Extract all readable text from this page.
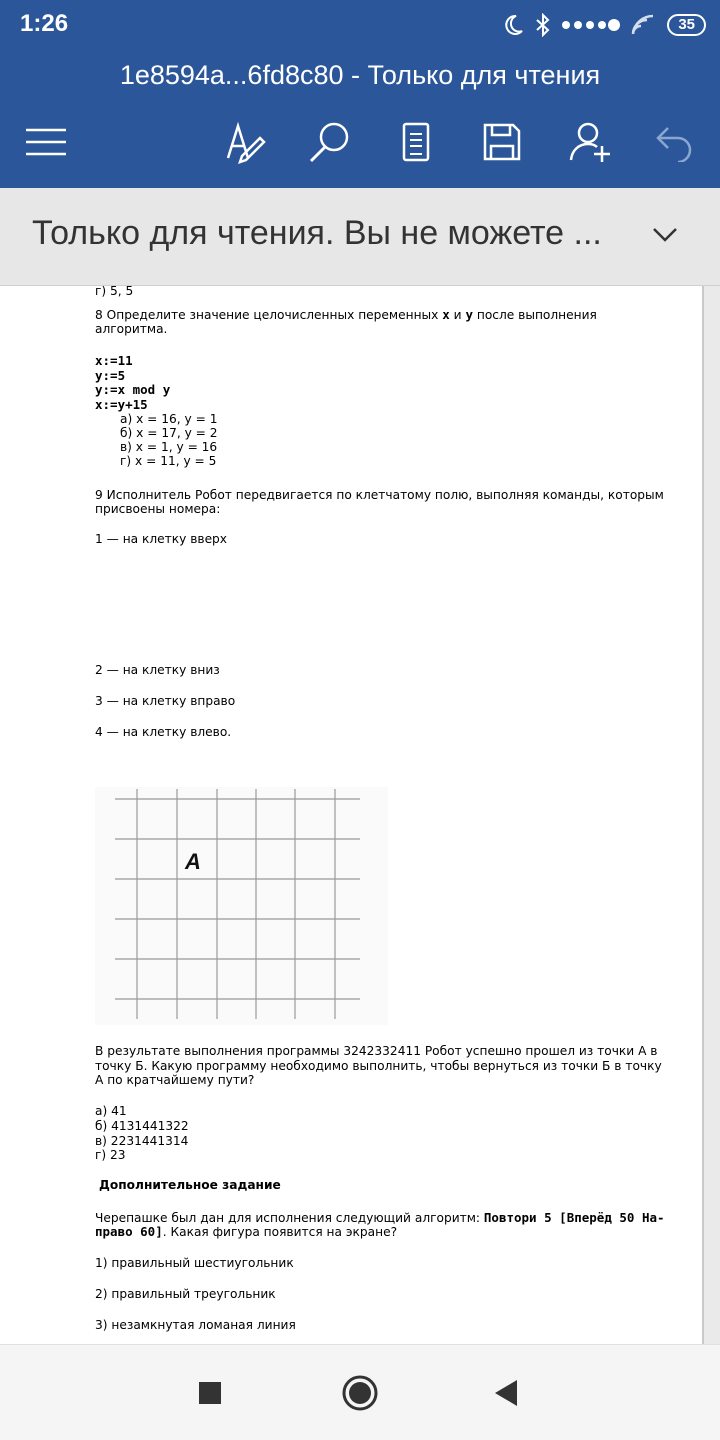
1:26	35
1e8594a...6fd8c80 - Только для чтения
Только для чтения. Вы не можете ...
г) 5, 5
8 Определите значение целочисленных переменных x и y после выполнения
алгоритма.
x:=11
y:=5
y:=x mod y
x:=y+15
а) x = 16, y = 1
б) x = 17, y = 2
в) x = 1, y = 16
г) x = 11, y = 5
9 Исполнитель Робот передвигается по клетчатому полю, выполняя команды, которым
присвоены номера:
1 — на клетку вверх
2 — на клетку вниз
3 — на клетку вправо
4 — на клетку влево.
A
В результате выполнения программы 3242332411 Робот успешно прошел из точки А в
точку Б. Какую программу необходимо выполнить, чтобы вернуться из точки Б в точку
А по кратчайшему пути?
а) 41
б) 4131441322
в) 2231441314
г) 23
Дополнительное задание
Черепашке был дан для исполнения следующий алгоритм: Повтори 5 [Вперёд 50 На-
право 60]. Какая фигура появится на экране?
1) правильный шестиугольник
2) правильный треугольник
3) незамкнутая ломаная линия
